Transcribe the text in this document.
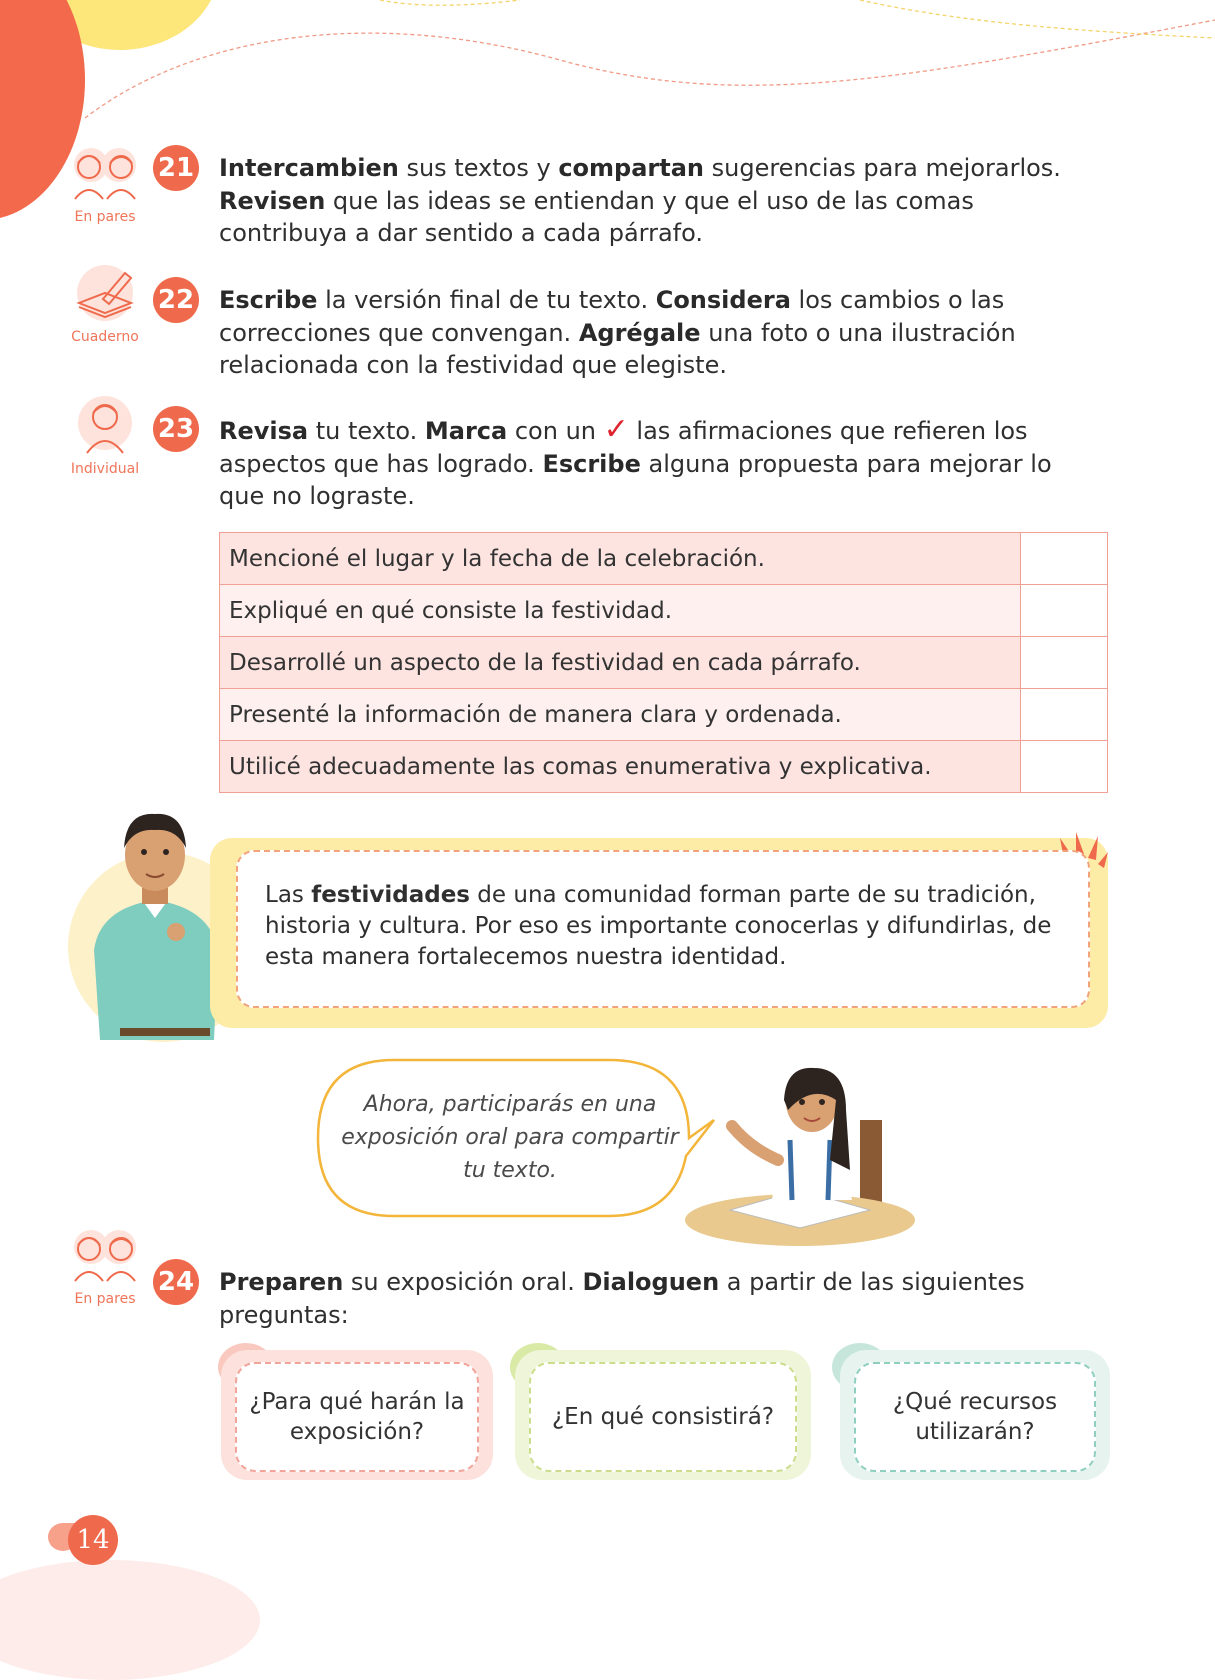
En pares
21 Intercambien sus textos y compartan sugerencias para mejorarlos. Revisen que las ideas se entiendan y que el uso de las comas contribuya a dar sentido a cada párrafo.
Cuaderno
22 Escribe la versión final de tu texto. Considera los cambios o las correcciones que convengan. Agrégale una foto o una ilustración relacionada con la festividad que elegiste.
Individual
23 Revisa tu texto. Marca con un ✓ las afirmaciones que refieren los aspectos que has logrado. Escribe alguna propuesta para mejorar lo que no lograste.
Mencioné el lugar y la fecha de la celebración.	
Expliqué en qué consiste la festividad.	
Desarrollé un aspecto de la festividad en cada párrafo.	
Presenté la información de manera clara y ordenada.	
Utilicé adecuadamente las comas enumerativa y explicativa.	
Las festividades de una comunidad forman parte de su tradición, historia y cultura. Por eso es importante conocerlas y difundirlas, de esta manera fortalecemos nuestra identidad.
Ahora, participarás en una exposición oral para compartir tu texto.
En pares
24 Preparen su exposición oral. Dialoguen a partir de las siguientes preguntas:
¿Para qué harán la exposición?
¿En qué consistirá?
¿Qué recursos utilizarán?
14
